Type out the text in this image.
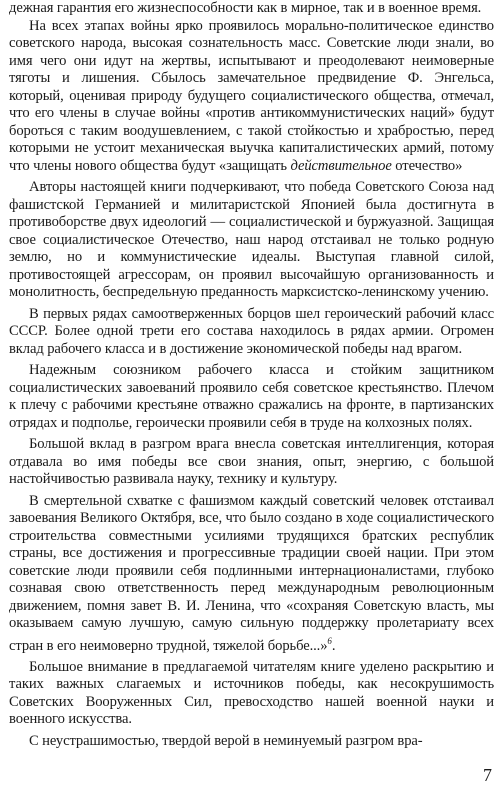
дежная гарантия его жизнеспособности как в мирное, так и в военное время.

На всех этапах войны ярко проявилось морально-политическое единство советского народа, высокая сознательность масс. Советские люди знали, во имя чего они идут на жертвы, испытывают и преодолевают неимоверные тяготы и лишения. Сбылось замечательное предвидение Ф. Энгельса, который, оценивая природу будущего социалистического общества, отмечал, что его члены в случае войны «против антикоммунистических наций» будут бороться с таким воодушевлением, с такой стойкостью и храбростью, перед которыми не устоит механическая выучка капиталистических армий, потому что члены нового общества будут «защищать действительное отечество»

Авторы настоящей книги подчеркивают, что победа Советского Союза над фашистской Германией и милитаристской Японией была достигнута в противоборстве двух идеологий — социалистической и буржуазной. Защищая свое социалистическое Отечество, наш народ отстаивал не только родную землю, но и коммунистические идеалы. Выступая главной силой, противостоящей агрессорам, он проявил высочайшую организованность и монолитность, беспредельную преданность марксистско-ленинскому учению.

В первых рядах самоотверженных борцов шел героический рабочий класс СССР. Более одной трети его состава находилось в рядах армии. Огромен вклад рабочего класса и в достижение экономической победы над врагом.

Надежным союзником рабочего класса и стойким защитником социалистических завоеваний проявило себя советское крестьянство. Плечом к плечу с рабочими крестьяне отважно сражались на фронте, в партизанских отрядах и подполье, героически проявили себя в труде на колхозных полях.

Большой вклад в разгром врага внесла советская интеллигенция, которая отдавала во имя победы все свои знания, опыт, энергию, с большой настойчивостью развивала науку, технику и культуру.

В смертельной схватке с фашизмом каждый советский человек отстаивал завоевания Великого Октября, все, что было создано в ходе социалистического строительства совместными усилиями трудящихся братских республик страны, все достижения и прогрессивные традиции своей нации. При этом советские люди проявили себя подлинными интернационалистами, глубоко сознавая свою ответственность перед международным революционным движением, помня завет В. И. Ленина, что «сохраняя Советскую власть, мы оказываем самую лучшую, самую сильную поддержку пролетариату всех стран в его неимоверно трудной, тяжелой борьбе...»$^6$.

Большое внимание в предлагаемой читателям книге уделено раскрытию и таких важных слагаемых и источников победы, как несокрушимость Советских Вооруженных Сил, превосходство нашей военной науки и военного искусства.

С неустрашимостью, твердой верой в неминуемый разгром вра-

7
